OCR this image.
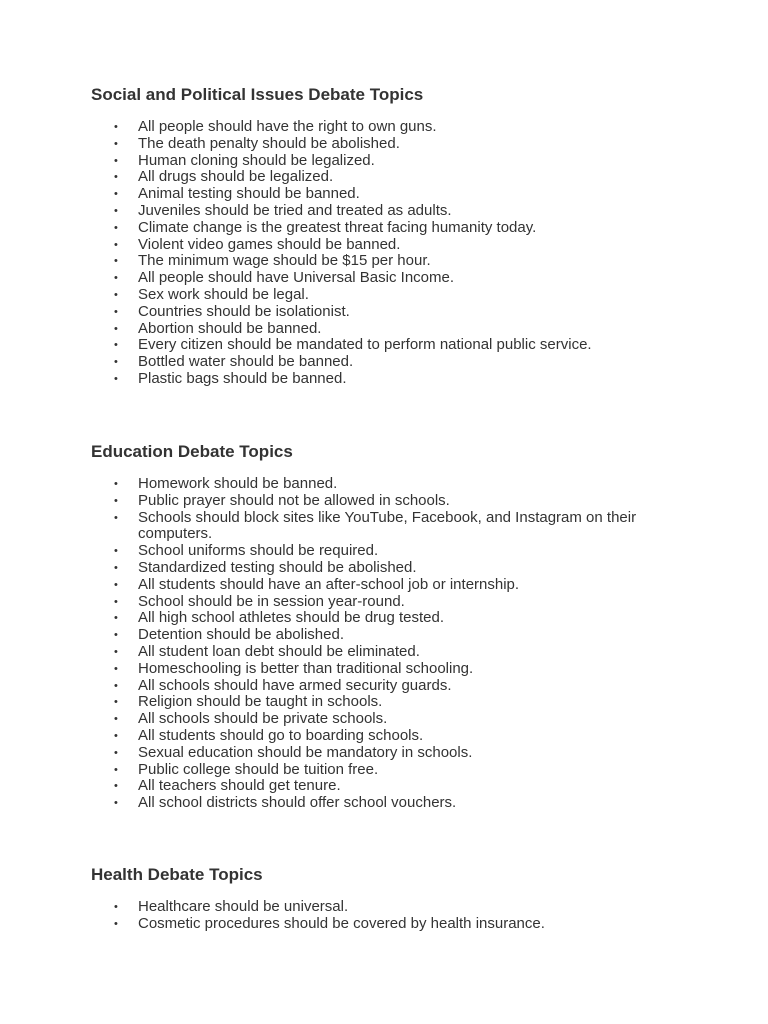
Social and Political Issues Debate Topics
•	All people should have the right to own guns.
•	The death penalty should be abolished.
•	Human cloning should be legalized.
•	All drugs should be legalized.
•	Animal testing should be banned.
•	Juveniles should be tried and treated as adults.
•	Climate change is the greatest threat facing humanity today.
•	Violent video games should be banned.
•	The minimum wage should be $15 per hour.
•	All people should have Universal Basic Income.
•	Sex work should be legal.
•	Countries should be isolationist.
•	Abortion should be banned.
•	Every citizen should be mandated to perform national public service.
•	Bottled water should be banned.
•	Plastic bags should be banned.
Education Debate Topics
•	Homework should be banned.
•	Public prayer should not be allowed in schools.
•	Schools should block sites like YouTube, Facebook, and Instagram on their computers.
•	School uniforms should be required.
•	Standardized testing should be abolished.
•	All students should have an after-school job or internship.
•	School should be in session year-round.
•	All high school athletes should be drug tested.
•	Detention should be abolished.
•	All student loan debt should be eliminated.
•	Homeschooling is better than traditional schooling.
•	All schools should have armed security guards.
•	Religion should be taught in schools.
•	All schools should be private schools.
•	All students should go to boarding schools.
•	Sexual education should be mandatory in schools.
•	Public college should be tuition free.
•	All teachers should get tenure.
•	All school districts should offer school vouchers.
Health Debate Topics
•	Healthcare should be universal.
•	Cosmetic procedures should be covered by health insurance.
